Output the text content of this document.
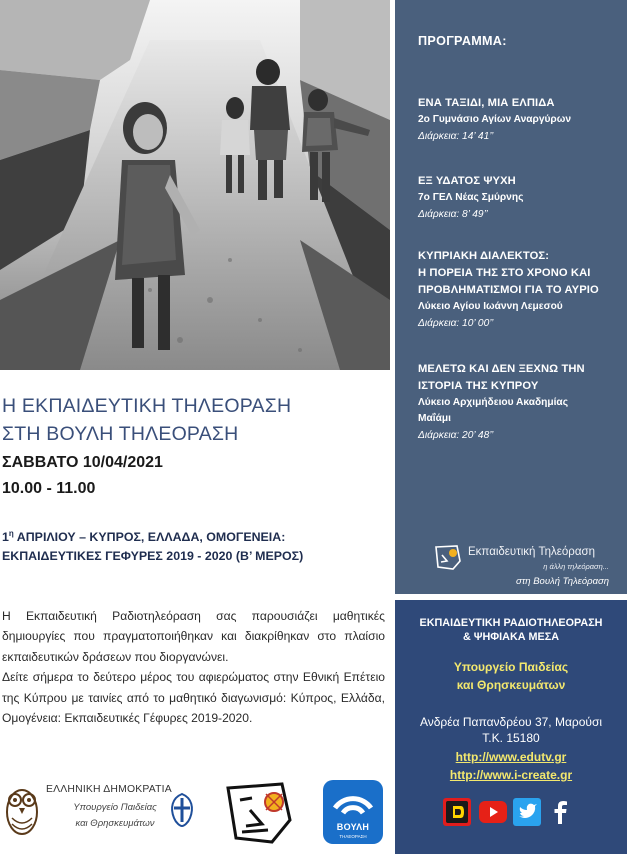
Η ΕΚΠΑΙΔΕΥΤΙΚΗ ΤΗΛΕΟΡΑΣΗ
ΣΤΗ ΒΟΥΛΗ ΤΗΛΕΟΡΑΣΗ
ΣΑΒΒΑΤΟ 10/04/2021
10.00 - 11.00
$1^\eta$ ΑΠΡΙΛΙΟΥ – ΚΥΠΡΟΣ, ΕΛΛΑΔΑ, ΟΜΟΓΕΝΕΙΑ:
ΕΚΠΑΙΔΕΥΤΙΚΕΣ ΓΕΦΥΡΕΣ 2019 - 2020 (Β’ ΜΕΡΟΣ)

Η Εκπαιδευτική Ραδιοτηλεόραση σας παρουσιάζει μαθητικές δημιουργίες που πραγματοποιήθηκαν και διακρίθηκαν στο πλαίσιο εκπαιδευτικών δράσεων που διοργανώνει.

Δείτε σήμερα το δεύτερο μέρος του αφιερώματος στην Εθνική Επέτειο της Κύπρου με ταινίες από το μαθητικό διαγωνισμό: Κύπρος, Ελλάδα, Ομογένεια: Εκπαιδευτικές Γέφυρες 2019-2020.

ΕΛΛΗΝΙΚΗ ΔΗΜΟΚΡΑΤΙΑ
Υπουργείο Παιδείας
και Θρησκευμάτων	ΒΟΥΛΗ
ΤΗΛΕΟΡΑΣΗ
ΠΡΟΓΡΑΜΜΑ:
ΕΝΑ ΤΑΞΙΔΙ, ΜΙΑ ΕΛΠΙΔΑ
2ο Γυμνάσιο Αγίων Αναργύρων
Διάρκεια: 14’ 41’’
ΕΞ ΥΔΑΤΟΣ ΨΥΧΗ
7ο ΓΕΛ Νέας Σμύρνης
Διάρκεια: 8’ 49’’
ΚΥΠΡΙΑΚΗ ΔΙΑΛΕΚΤΟΣ:
Η ΠΟΡΕΙΑ ΤΗΣ ΣΤΟ ΧΡΟΝΟ ΚΑΙ
ΠΡΟΒΛΗΜΑΤΙΣΜΟΙ ΓΙΑ ΤΟ ΑΥΡΙΟ
Λύκειο Αγίου Ιωάννη Λεμεσού
Διάρκεια: 10’ 00’’
ΜΕΛΕΤΩ ΚΑΙ ΔΕΝ ΞΕΧΝΩ ΤΗΝ
ΙΣΤΟΡΙΑ ΤΗΣ ΚΥΠΡΟΥ
Λύκειο Αρχιμήδειου Ακαδημίας
Μαΐάμι
Διάρκεια: 20’ 48’’
Εκπαιδευτική Τηλεόραση
η άλλη τηλεόραση...
στη Βουλή Τηλεόραση
ΕΚΠΑΙΔΕΥΤΙΚΗ ΡΑΔΙΟΤΗΛΕΟΡΑΣΗ
& ΨΗΦΙΑΚΑ ΜΕΣΑ
Υπουργείο Παιδείας
και Θρησκευμάτων
Ανδρέα Παπανδρέου 37, Μαρούσι
Τ.Κ. 15180
http://www.edutv.gr
http://www.i-create.gr
